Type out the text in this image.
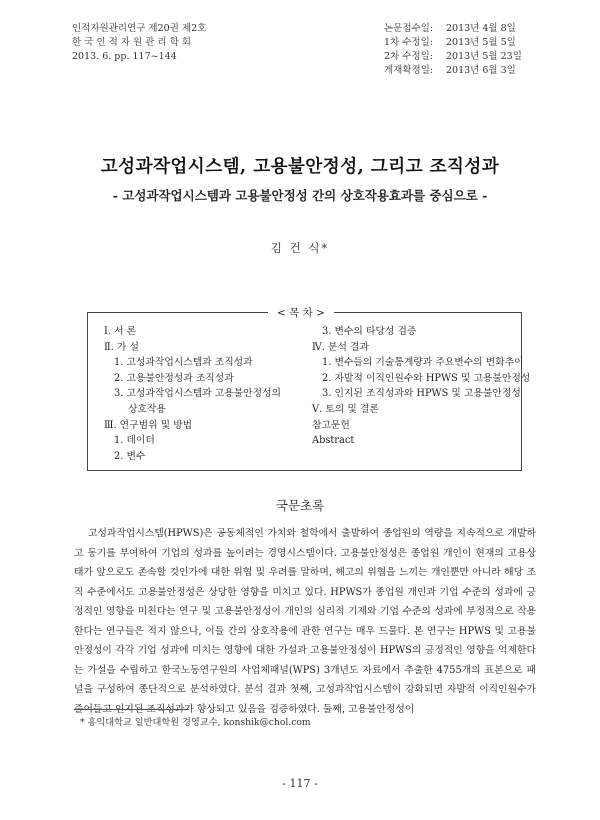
인적자원관리연구 제20권 제2호
한 국 인 적 자 원 관 리 학 회
2013. 6. pp. 117~144
논문접수일:	2013년 4월 8일
1차 수정일:	2013년 5월 5일
2차 수정일:	2013년 5월 23일
게재확정일:	2013년 6월 3일
고성과작업시스템, 고용불안정성, 그리고 조직성과
- 고성과작업시스템과 고용불안정성 간의 상호작용효과를 중심으로 -
김 건 식*
< 목 차 >
Ⅰ. 서 론
Ⅱ. 가 설
1. 고성과작업시스템과 조직성과
2. 고용불안정성과 조직성과
3. 고성과작업시스템과 고용불안정성의
상호작용
Ⅲ. 연구범위 및 방법
1. 데이터
2. 변수
3. 변수의 타당성 검증
Ⅳ. 분석 결과
1. 변수들의 기술통계량과 주요변수의 변화추이
2. 자발적 이직인원수와 HPWS 및 고용불안정성
3. 인지된 조직성과와 HPWS 및 고용불안정성
Ⅴ. 토의 및 결론
참고문헌
Abstract
국문초록
고성과작업시스템(HPWS)은 공동체적인 가치와 철학에서 출발하여 종업원의 역량을 지속적으로 개발하고 동기를 부여하여 기업의 성과를 높이려는 경영시스템이다. 고용불안정성은 종업원 개인이 현재의 고용상태가 앞으로도 존속할 것인가에 대한 위협 및 우려를 말하며, 해고의 위협을 느끼는 개인뿐만 아니라 해당 조직 수준에서도 고용불안정성은 상당한 영향을 미치고 있다. HPWS가 종업원 개인과 기업 수준의 성과에 긍정적인 영향을 미친다는 연구 및 고용불안정성이 개인의 심리적 기제와 기업 수준의 성과에 부정적으로 작용한다는 연구들은 적지 않으나, 이들 간의 상호작용에 관한 연구는 매우 드물다. 본 연구는 HPWS 및 고용불안정성이 각각 기업 성과에 미치는 영향에 대한 가설과 고용불안정성이 HPWS의 긍정적인 영향을 억제한다는 가설을 수립하고 한국노동연구원의 사업체패널(WPS) 3개년도 자료에서 추출한 4755개의 표본으로 패널을 구성하여 종단적으로 분석하였다. 분석 결과 첫째, 고성과작업시스템이 강화되면 자발적 이직인원수가 줄어들고 인지된 조직성과가 향상되고 있음을 검증하였다. 둘째, 고용불안정성이
* 홍익대학교 일반대학원 경영교수, konshik@chol.com
- 117 -
